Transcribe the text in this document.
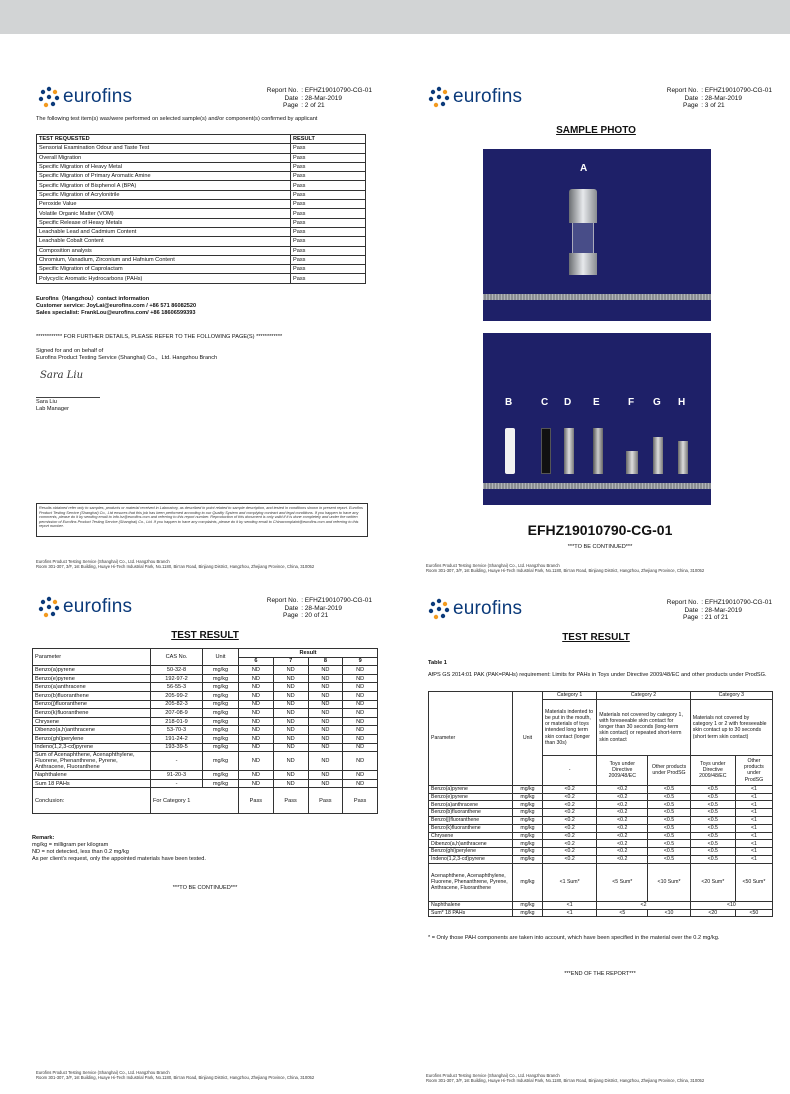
eurofins	Report No. : EFHZ19010790-CG-01
Date : 28-Mar-2019
Page : 2 of 21
The following test item(s) was/were performed on selected sample(s) and/or component(s) confirmed by applicant
TEST REQUESTED	RESULT
Sensorial Examination Odour and Taste Test	Pass
Overall Migration	Pass
Specific Migration of Heavy Metal	Pass
Specific Migration of Primary Aromatic Amine	Pass
Specific Migration of Bisphenol A (BPA)	Pass
Specific Migration of Acrylonitrile	Pass
Peroxide Value	Pass
Volatile Organic Matter (VOM)	Pass
Specific Release of Heavy Metals	Pass
Leachable Lead and Cadmium Content	Pass
Leachable Cobalt Content	Pass
Composition analysis	Pass
Chromium, Vanadium, Zirconium and Hafnium Content	Pass
Specific Migration of Caprolactam	Pass
Polycyclic Aromatic Hydrocarbons (PAHs)	Pass
Eurofins（Hangzhou）contact information
Customer service: JoyLai@eurofins.com / +86 571 86082520
Sales specialist: FrankLou@eurofins.com/ +86 18606599393
************ FOR FURTHER DETAILS, PLEASE REFER TO THE FOLLOWING PAGE(S) ************
Signed for and on behalf of
Eurofins Product Testing Service (Shanghai) Co.，Ltd. Hangzhou Branch
Sara Liu
Sara Liu
Lab Manager
Results obtained refer only to samples, products or material received in Laboratory, as described in point related to sample description, and tested in conditions shown in present report. Eurofins Product Testing Service (Shanghai) Co., Ltd ensures that this job has been performed according to our Quality System and complying contract and legal conditions. If you happen to have any comments, please do it by sending email to info.hz@eurofins.com and referring to this report number. Reproduction of this document is only valid if it is done completely and under the written permission of Eurofins Product Testing Service (Shanghai) Co., Ltd. If you happen to have any complaints, please do it by sending email to Chinacomplaint@eurofins.com and referring to this report number.
Eurofins Product Testing Service (Shanghai) Co., Ltd. Hangzhou Branch
Room 301-307, 3/F, 1st Building, Huaye Hi-Tech Industrial Park, No.1180, Bin'an Road, Binjiang District, Hangzhou, Zhejiang Province, China, 310052
eurofins	Report No. : EFHZ19010790-CG-01
Date : 28-Mar-2019
Page : 3 of 21
SAMPLE PHOTO
A
B	C D E	F G H
EFHZ19010790-CG-01
***TO BE CONTINUED***
Eurofins Product Testing Service (Shanghai) Co., Ltd. Hangzhou Branch
Room 301-307, 3/F, 1st Building, Huaye Hi-Tech Industrial Park, No.1180, Bin'an Road, Binjiang District, Hangzhou, Zhejiang Province, China, 310052
eurofins	Report No. : EFHZ19010790-CG-01
Date : 28-Mar-2019
Page : 20 of 21
TEST RESULT
Parameter	CAS No.	Unit	Result			
			6	7	8	9
Benzo(a)pyrene	50-32-8	mg/kg	ND	ND	ND	ND
Benzo(e)pyrene	192-97-2	mg/kg	ND	ND	ND	ND
Benzo(a)anthracene	56-55-3	mg/kg	ND	ND	ND	ND
Benzo(b)fluoranthene	205-99-2	mg/kg	ND	ND	ND	ND
Benzo(j)fluoranthene	205-82-3	mg/kg	ND	ND	ND	ND
Benzo(k)fluoranthene	207-08-9	mg/kg	ND	ND	ND	ND
Chrysene	218-01-9	mg/kg	ND	ND	ND	ND
Dibenzo(a,h)anthracene	53-70-3	mg/kg	ND	ND	ND	ND
Benzo(ghi)perylene	191-24-2	mg/kg	ND	ND	ND	ND
Indeno(1,2,3-cd)pyrene	193-39-5	mg/kg	ND	ND	ND	ND
Sum of Acenaphthene, Acenaphthylene, Fluorene, Phenanthrene, Pyrene, Anthracene, Fluoranthene	-	mg/kg	ND	ND	ND	ND
Naphthalene	91-20-3	mg/kg	ND	ND	ND	ND
Sum 18 PAHs	-	mg/kg	ND	ND	ND	ND
Conclusion:	For Category 1		Pass	Pass	Pass	Pass
Remark:
mg/kg = milligram per kilogram
ND = not detected, less than 0.2 mg/kg
As per client's request, only the appointed materials have been tested.
***TO BE CONTINUED***
Eurofins Product Testing Service (Shanghai) Co., Ltd. Hangzhou Branch
Room 301-307, 3/F, 1st Building, Huaye Hi-Tech Industrial Park, No.1180, Bin'an Road, Binjiang District, Hangzhou, Zhejiang Province, China, 310052
eurofins	Report No. : EFHZ19010790-CG-01
Date : 28-Mar-2019
Page : 21 of 21
TEST RESULT
Table 1
AfPS GS 2014:01 PAK (PAK=PAHs) requirement: Limits for PAHs in Toys under Directive 2009/48/EC and other products under ProdSG.
Parameter	Unit	Category 1	Category 2		Category 3	
		Materials indented to be put in the mouth, or materials of toys intended long term skin contact (longer than 30s)	Materials not covered by category 1, with foreseeable skin contact for longer than 30 seconds (long-term skin contact) or repeated short-term skin contact		Materials not covered by category 1 or 2 with foreseeable skin contact up to 30 seconds (short term skin contact)	
		-	Toys under Directive 2009/48/EC	Other products under ProdSG	Toys under Directive 2009/48/EC	Other products under ProdSG
Benzo(a)pyrene	mg/kg	<0.2	<0.2	<0.5	<0.5	<1
Benzo(e)pyrene	mg/kg	<0.2	<0.2	<0.5	<0.5	<1
Benzo(a)anthracene	mg/kg	<0.2	<0.2	<0.5	<0.5	<1
Benzo(b)fluoranthene	mg/kg	<0.2	<0.2	<0.5	<0.5	<1
Benzo(j)fluoranthene	mg/kg	<0.2	<0.2	<0.5	<0.5	<1
Benzo(k)fluoranthene	mg/kg	<0.2	<0.2	<0.5	<0.5	<1
Chrysene	mg/kg	<0.2	<0.2	<0.5	<0.5	<1
Dibenzo(a,h)anthracene	mg/kg	<0.2	<0.2	<0.5	<0.5	<1
Benzo(ghi)perylene	mg/kg	<0.2	<0.2	<0.5	<0.5	<1
Indeno(1,2,3-cd)pyrene	mg/kg	<0.2	<0.2	<0.5	<0.5	<1
Acenaphthene, Acenaphthylene, Fluorene, Phenanthrene, Pyrene, Anthracene, Fluoranthene	mg/kg	<1 Sum*	<5 Sum*	<10 Sum*	<20 Sum*	<50 Sum*
Naphthalene	mg/kg	<1	<2		<10	
Sum* 18 PAHs	mg/kg	<1	<5	<10	<20	<50
* = Only those PAH components are taken into account, which have been specified in the material over the 0.2 mg/kg.
***END OF THE REPORT***
Eurofins Product Testing Service (Shanghai) Co., Ltd. Hangzhou Branch
Room 301-307, 3/F, 1st Building, Huaye Hi-Tech Industrial Park, No.1180, Bin'an Road, Binjiang District, Hangzhou, Zhejiang Province, China, 310052
